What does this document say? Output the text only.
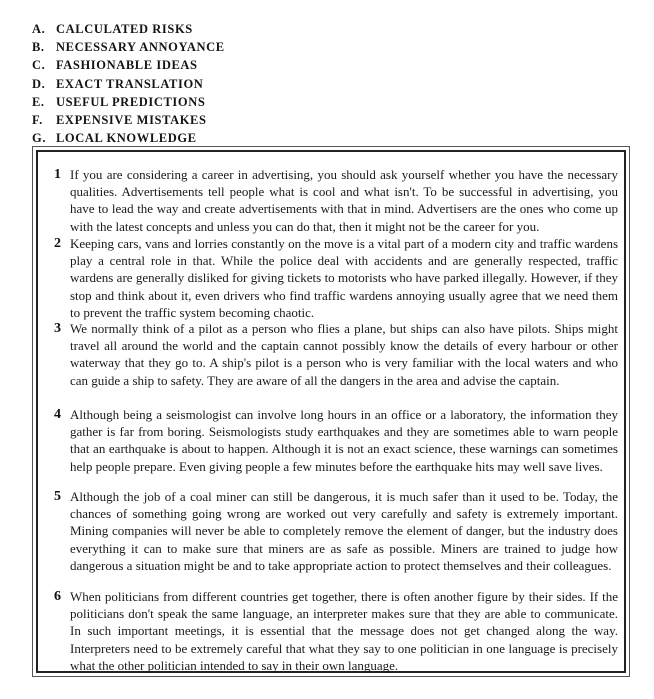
A. CALCULATED RISKS
B. NECESSARY ANNOYANCE
C. FASHIONABLE IDEAS
D. EXACT TRANSLATION
E. USEFUL PREDICTIONS
F. EXPENSIVE MISTAKES
G. LOCAL KNOWLEDGE
1 If you are considering a career in advertising, you should ask yourself whether you have the necessary qualities. Advertisements tell people what is cool and what isn't. To be successful in advertising, you have to lead the way and create advertisements with that in mind. Advertisers are the ones who come up with the latest concepts and unless you can do that, then it might not be the career for you.

2 Keeping cars, vans and lorries constantly on the move is a vital part of a modern city and traffic wardens play a central role in that. While the police deal with accidents and are generally respected, traffic wardens are generally disliked for giving tickets to motorists who have parked illegally. However, if they stop and think about it, even drivers who find traffic wardens annoying usually agree that we need them to prevent the traffic system becoming chaotic.

3 We normally think of a pilot as a person who flies a plane, but ships can also have pilots. Ships might travel all around the world and the captain cannot possibly know the details of every harbour or other waterway that they go to. A ship's pilot is a person who is very familiar with the local waters and who can guide a ship to safety. They are aware of all the dangers in the area and advise the captain.

4 Although being a seismologist can involve long hours in an office or a laboratory, the information they gather is far from boring. Seismologists study earthquakes and they are sometimes able to warn people that an earthquake is about to happen. Although it is not an exact science, these warnings can sometimes help people prepare. Even giving people a few minutes before the earthquake hits may well save lives.

5 Although the job of a coal miner can still be dangerous, it is much safer than it used to be. Today, the chances of something going wrong are worked out very carefully and safety is extremely important. Mining companies will never be able to completely remove the element of danger, but the industry does everything it can to make sure that miners are as safe as possible. Miners are trained to judge how dangerous a situation might be and to take appropriate action to protect themselves and their colleagues.

6 When politicians from different countries get together, there is often another figure by their sides. If the politicians don't speak the same language, an interpreter makes sure that they are able to communicate. In such important meetings, it is essential that the message does not get changed along the way. Interpreters need to be extremely careful that what they say to one politician in one language is precisely what the other politician intended to say in their own language.
